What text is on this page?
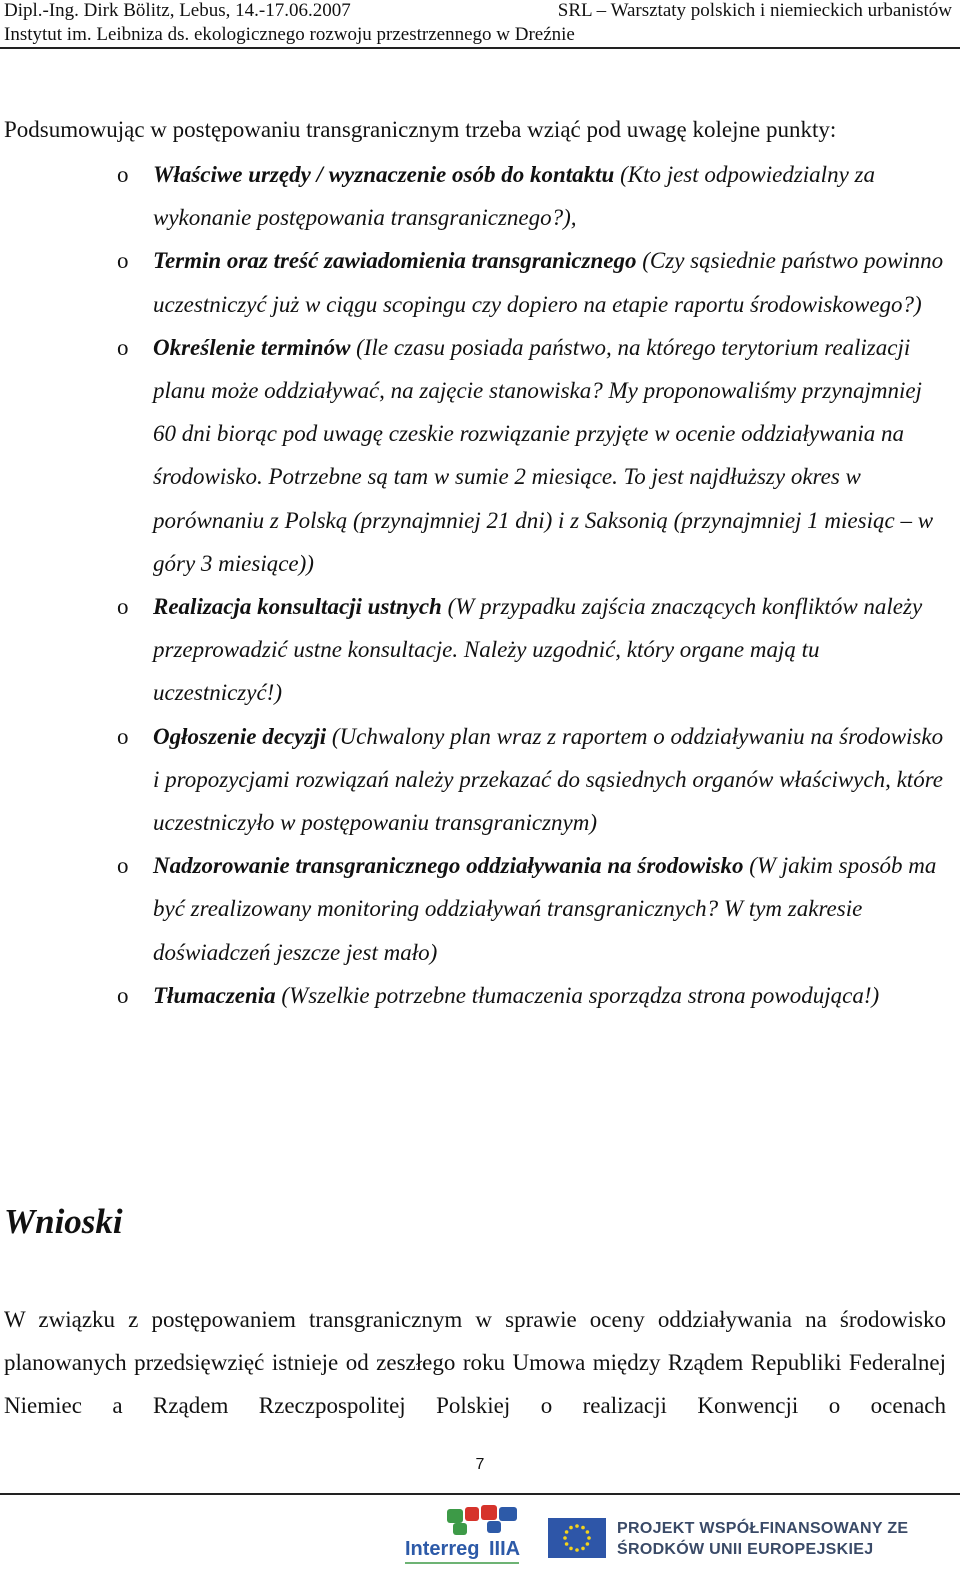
Dipl.-Ing. Dirk Bölitz, Lebus, 14.-17.06.2007	SRL – Warsztaty polskich i niemieckich urbanistów
Instytut im. Leibniza ds. ekologicznego rozwoju przestrzennego w Dreźnie
Podsumowując w postępowaniu transgranicznym trzeba wziąć pod uwagę kolejne punkty:
o Właściwe urzędy / wyznaczenie osób do kontaktu (Kto jest odpowiedzialny za wykonanie postępowania transgranicznego?),
o Termin oraz treść zawiadomienia transgranicznego (Czy sąsiednie państwo powinno uczestniczyć już w ciągu scopingu czy dopiero na etapie raportu środowiskowego?)
o Określenie terminów (Ile czasu posiada państwo, na którego terytorium realizacji planu może oddziaływać, na zajęcie stanowiska? My proponowaliśmy przynajmniej 60 dni biorąc pod uwagę czeskie rozwiązanie przyjęte w ocenie oddziaływania na środowisko. Potrzebne są tam w sumie 2 miesiące. To jest najdłuższy okres w porównaniu z Polską (przynajmniej 21 dni) i z Saksonią (przynajmniej 1 miesiąc – w góry 3 miesiące))
o Realizacja konsultacji ustnych (W przypadku zajścia znaczących konfliktów należy przeprowadzić ustne konsultacje. Należy uzgodnić, który organe mają tu uczestniczyć!)
o Ogłoszenie decyzji (Uchwalony plan wraz z raportem o oddziaływaniu na środowisko i propozycjami rozwiązań należy przekazać do sąsiednych organów właściwych, które uczestniczyło w postępowaniu transgranicznym)
o Nadzorowanie transgranicznego oddziaływania na środowisko (W jakim sposób ma być zrealizowany monitoring oddziaływań transgranicznych? W tym zakresie doświadczeń jeszcze jest mało)
o Tłumaczenia (Wszelkie potrzebne tłumaczenia sporządza strona powodująca!)
Wnioski
W związku z postępowaniem transgranicznym w sprawie oceny oddziaływania na środowisko planowanych przedsięwzięć istnieje od zeszłego roku Umowa między Rządem Republiki Federalnej Niemiec a Rządem Rzeczpospolitej Polskiej o realizacji Konwencji o ocenach
7
Interreg IIIA
PROJEKT WSPÓŁFINANSOWANY ZE
ŚRODKÓW UNII EUROPEJSKIEJ
